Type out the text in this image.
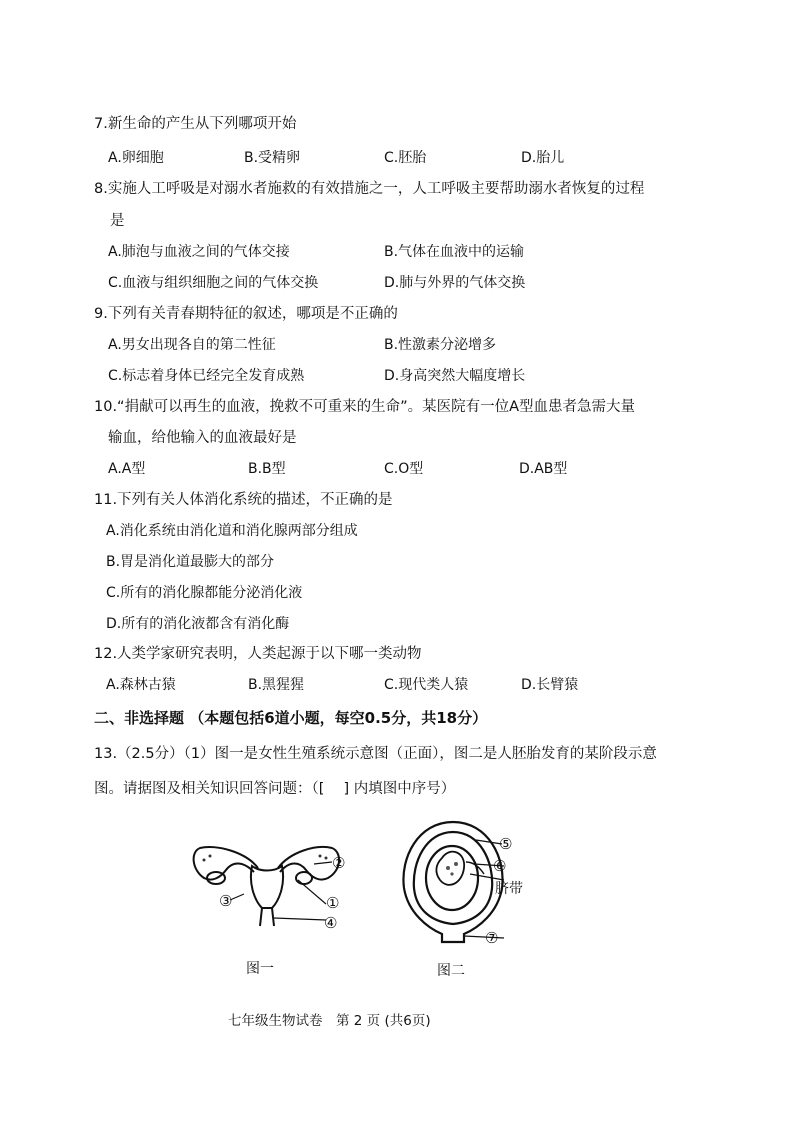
7.新生命的产生从下列哪项开始
A.卵细胞	B.受精卵	C.胚胎	D.胎儿
8.实施人工呼吸是对溺水者施救的有效措施之一，人工呼吸主要帮助溺水者恢复的过程
是
A.肺泡与血液之间的气体交接	B.气体在血液中的运输
C.血液与组织细胞之间的气体交换	D.肺与外界的气体交换
9.下列有关青春期特征的叙述，哪项是不正确的
A.男女出现各自的第二性征	B.性激素分泌增多
C.标志着身体已经完全发育成熟	D.身高突然大幅度增长
10.“捐献可以再生的血液，挽救不可重来的生命”。某医院有一位A型血患者急需大量
输血，给他输入的血液最好是
A.A型	B.B型	C.O型	D.AB型
11.下列有关人体消化系统的描述，不正确的是
A.消化系统由消化道和消化腺两部分组成
B.胃是消化道最膨大的部分
C.所有的消化腺都能分泌消化液
D.所有的消化液都含有消化酶
12.人类学家研究表明，人类起源于以下哪一类动物
A.森林古猿	B.黑猩猩	C.现代类人猿	D.长臂猿
二、非选择题 （本题包括6道小题，每空0.5分，共18分）
13.（2.5分）（1）图一是女性生殖系统示意图（正面），图二是人胚胎发育的某阶段示意
图。请据图及相关知识回答问题：（[　 ] 内填图中序号）
②
①
③
④
图一
⑤
⑥
脐带
⑦
图二
七年级生物试卷　第 2 页 (共6页)
